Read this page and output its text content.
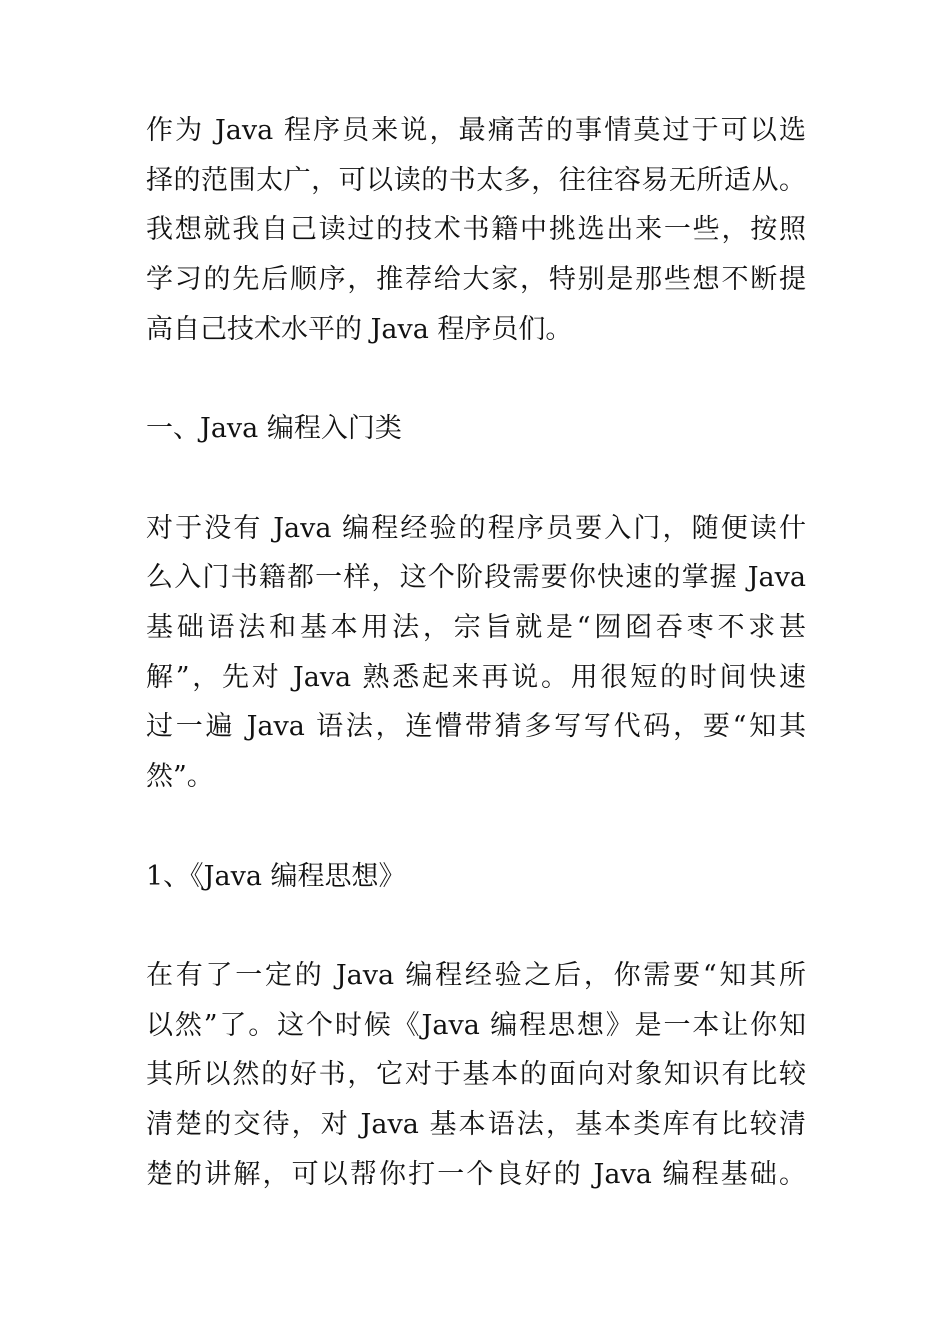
作为 Java 程序员来说，最痛苦的事情莫过于可以选
择的范围太广，可以读的书太多，往往容易无所适从。
我想就我自己读过的技术书籍中挑选出来一些，按照
学习的先后顺序，推荐给大家，特别是那些想不断提
高自己技术水平的 Java 程序员们。
一、Java 编程入门类
对于没有 Java 编程经验的程序员要入门，随便读什
么入门书籍都一样，这个阶段需要你快速的掌握 Java
基础语法和基本用法，宗旨就是“囫囵吞枣不求甚
解”，先对 Java 熟悉起来再说。用很短的时间快速
过一遍 Java 语法，连懵带猜多写写代码，要“知其
然”。
1、《Java 编程思想》
在有了一定的 Java 编程经验之后，你需要“知其所
以然”了。这个时候《Java 编程思想》是一本让你知
其所以然的好书，它对于基本的面向对象知识有比较
清楚的交待，对 Java 基本语法，基本类库有比较清
楚的讲解，可以帮你打一个良好的 Java 编程基础。
